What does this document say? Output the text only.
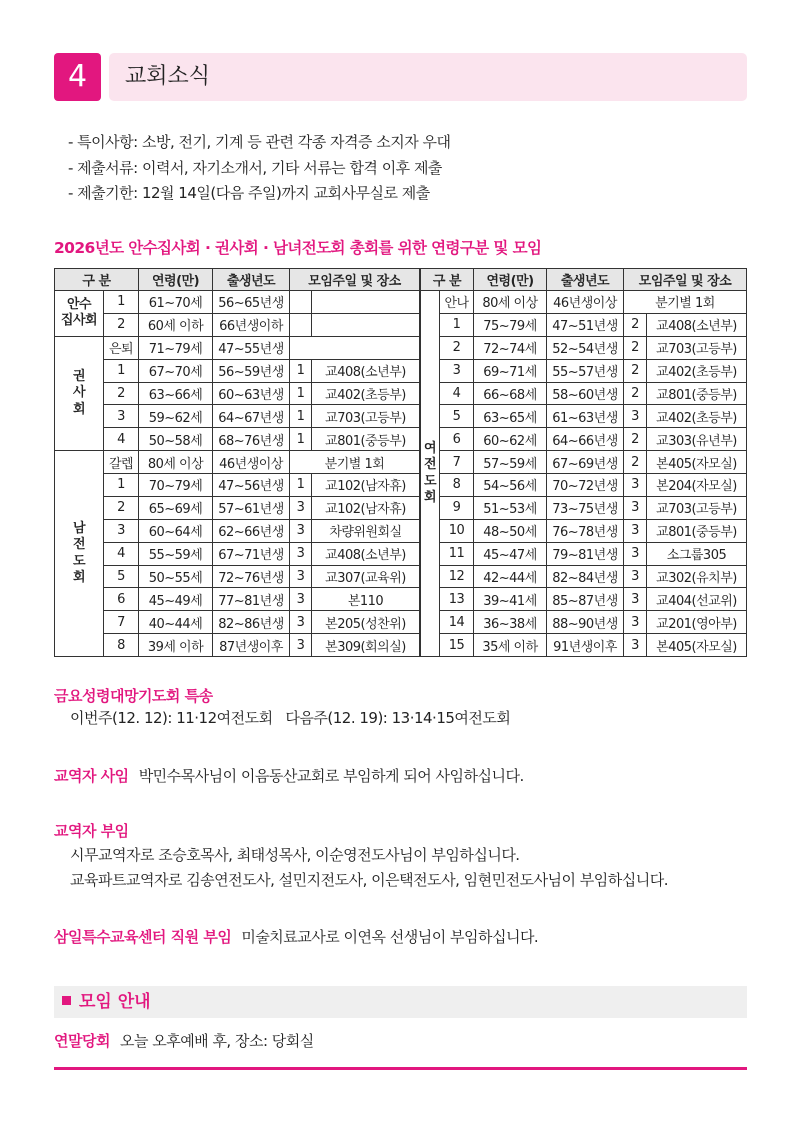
4	교회소식
- 특이사항: 소방, 전기, 기계 등 관련 각종 자격증 소지자 우대
- 제출서류: 이력서, 자기소개서, 기타 서류는 합격 이후 제출
- 제출기한: 12월 14일(다음 주일)까지 교회사무실로 제출
2026년도 안수집사회 · 권사회 · 남녀전도회 총회를 위한 연령구분 및 모임
구 분		연령(만)	출생년도	모임주일 및 장소	
안수
집사회	1	61~70세	56~65년생		
	2	60세 이하	66년생이하		
권
사
회	은퇴	71~79세	47~55년생		
	1	67~70세	56~59년생	1	교408(소년부)
	2	63~66세	60~63년생	1	교402(초등부)
	3	59~62세	64~67년생	1	교703(고등부)
	4	50~58세	68~76년생	1	교801(중등부)
남
전
도
회	갈렙	80세 이상	46년생이상	분기별 1회	
	1	70~79세	47~56년생	1	교102(남자휴)
	2	65~69세	57~61년생	3	교102(남자휴)
	3	60~64세	62~66년생	3	차량위원회실
	4	55~59세	67~71년생	3	교408(소년부)
	5	50~55세	72~76년생	3	교307(교육위)
	6	45~49세	77~81년생	3	본110
	7	40~44세	82~86년생	3	본205(성찬위)
	8	39세 이하	87년생이후	3	본309(회의실)
구 분		연령(만)	출생년도	모임주일 및 장소	
여
전
도
회	안나	80세 이상	46년생이상	분기별 1회	
	1	75~79세	47~51년생	2	교408(소년부)
	2	72~74세	52~54년생	2	교703(고등부)
	3	69~71세	55~57년생	2	교402(초등부)
	4	66~68세	58~60년생	2	교801(중등부)
	5	63~65세	61~63년생	3	교402(초등부)
	6	60~62세	64~66년생	2	교303(유년부)
	7	57~59세	67~69년생	2	본405(자모실)
	8	54~56세	70~72년생	3	본204(자모실)
	9	51~53세	73~75년생	3	교703(고등부)
	10	48~50세	76~78년생	3	교801(중등부)
	11	45~47세	79~81년생	3	소그룹305
	12	42~44세	82~84년생	3	교302(유치부)
	13	39~41세	85~87년생	3	교404(선교위)
	14	36~38세	88~90년생	3	교201(영아부)
	15	35세 이하	91년생이후	3	본405(자모실)
금요성령대망기도회 특송
이번주(12. 12): 11·12여전도회   다음주(12. 19): 13·14·15여전도회
교역자 사임 박민수목사님이 이음동산교회로 부임하게 되어 사임하십니다.
교역자 부임
시무교역자로 조승호목사, 최태성목사, 이순영전도사님이 부임하십니다.
교육파트교역자로 김송연전도사, 설민지전도사, 이은택전도사, 임현민전도사님이 부임하십니다.
삼일특수교육센터 직원 부임 미술치료교사로 이연옥 선생님이 부임하십니다.
모임 안내
연말당회 오늘 오후예배 후, 장소: 당회실
